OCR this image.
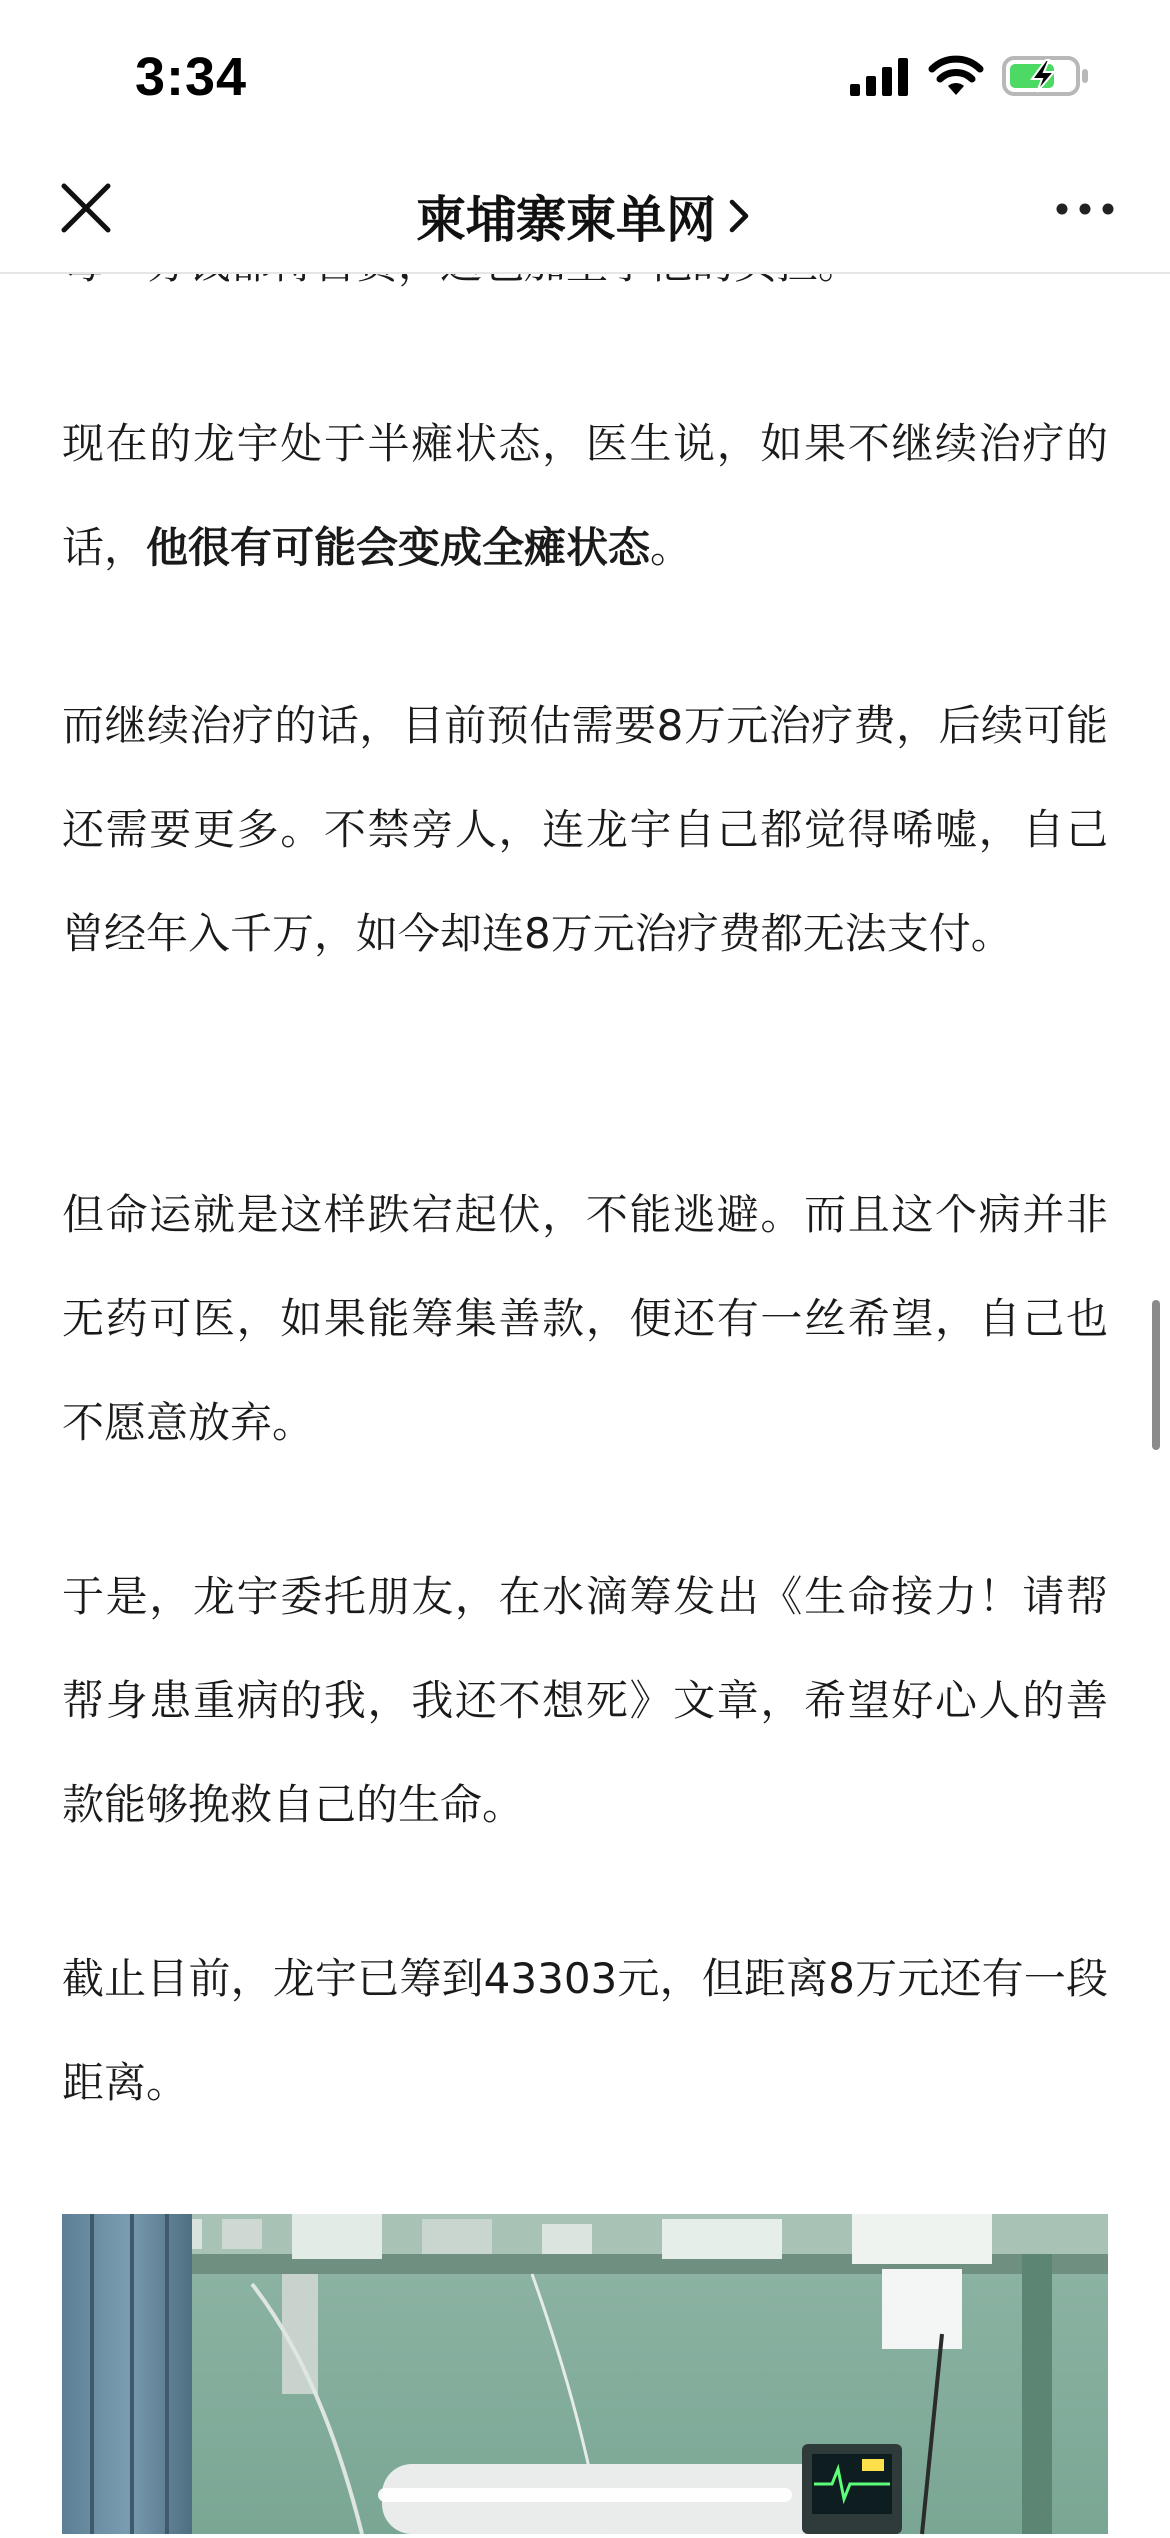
3:34

现在的龙宇处于半瘫状态，医生说，如果不继续治疗的话，他很有可能会变成全瘫状态。

而继续治疗的话，目前预估需要8万元治疗费，后续可能还需要更多。不禁旁人，连龙宇自己都觉得唏嘘，自己曾经年入千万，如今却连8万元治疗费都无法支付。

但命运就是这样跌宕起伏，不能逃避。而且这个病并非无药可医，如果能筹集善款，便还有一丝希望，自己也不愿意放弃。

于是，龙宇委托朋友，在水滴筹发出《生命接力！请帮帮身患重病的我，我还不想死》文章，希望好心人的善款能够挽救自己的生命。

截止目前，龙宇已筹到43303元，但距离8万元还有一段距离。

柬埔寨柬单网
